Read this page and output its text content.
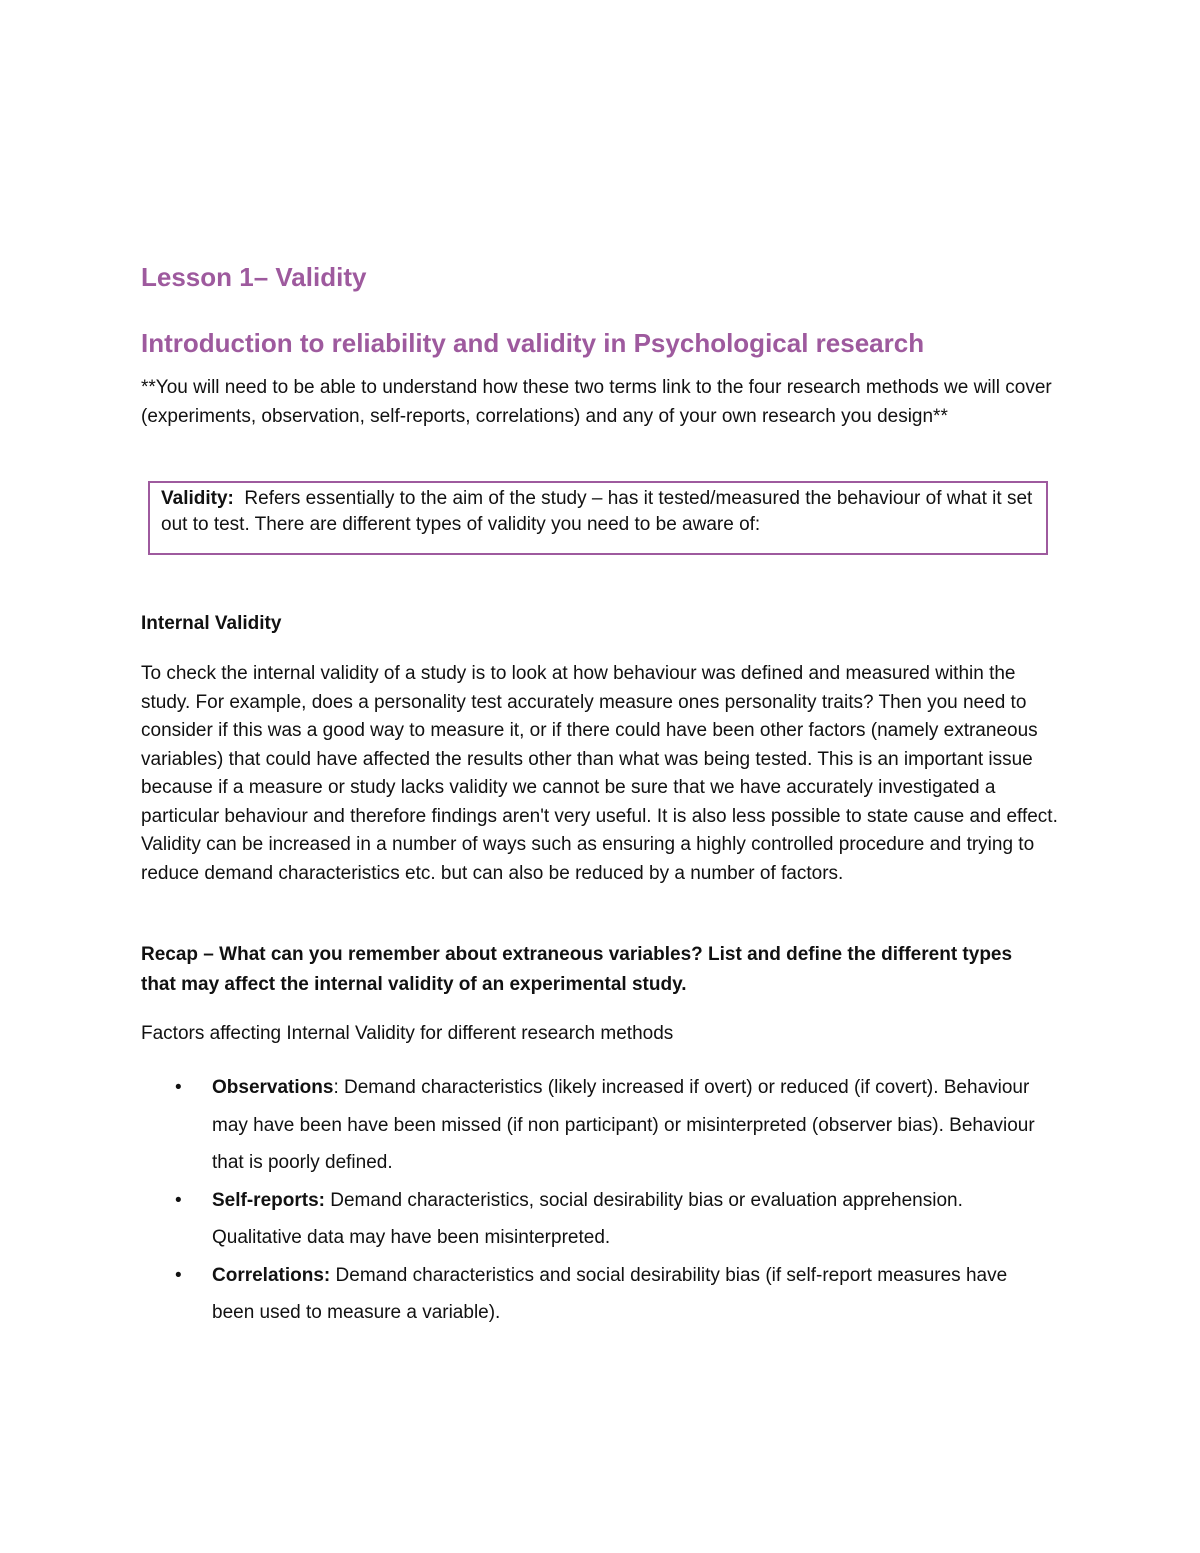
Lesson 1– Validity
Introduction to reliability and validity in Psychological research

**You will need to be able to understand how these two terms link to the four research methods we will cover (experiments, observation, self-reports, correlations) and any of your own research you design**

Validity: Refers essentially to the aim of the study – has it tested/measured the behaviour of what it set out to test. There are different types of validity you need to be aware of:
Internal Validity

To check the internal validity of a study is to look at how behaviour was defined and measured within the study. For example, does a personality test accurately measure ones personality traits? Then you need to consider if this was a good way to measure it, or if there could have been other factors (namely extraneous variables) that could have affected the results other than what was being tested. This is an important issue because if a measure or study lacks validity we cannot be sure that we have accurately investigated a particular behaviour and therefore findings aren't very useful. It is also less possible to state cause and effect. Validity can be increased in a number of ways such as ensuring a highly controlled procedure and trying to reduce demand characteristics etc. but can also be reduced by a number of factors.

Recap – What can you remember about extraneous variables? List and define the different types that may affect the internal validity of an experimental study.

Factors affecting Internal Validity for different research methods

• Observations: Demand characteristics (likely increased if overt) or reduced (if covert). Behaviour may have been have been missed (if non participant) or misinterpreted (observer bias). Behaviour that is poorly defined.
• Self-reports: Demand characteristics, social desirability bias or evaluation apprehension. Qualitative data may have been misinterpreted.
• Correlations: Demand characteristics and social desirability bias (if self-report measures have been used to measure a variable).
